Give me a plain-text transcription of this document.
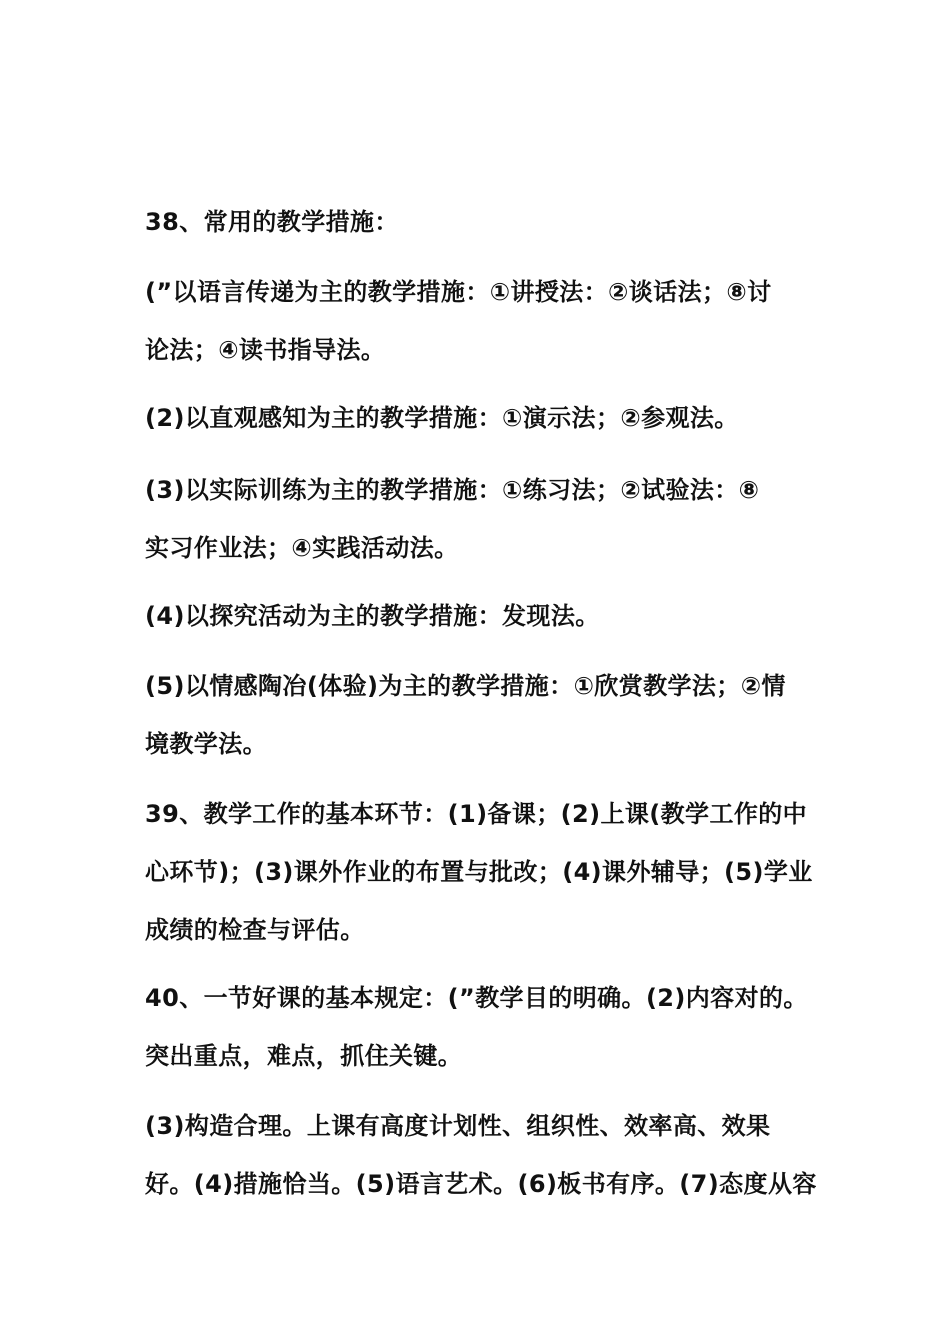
38、常用的教学措施：

(”以语言传递为主的教学措施：①讲授法：②谈话法；⑧讨

论法；④读书指导法。

(2)以直观感知为主的教学措施：①演示法；②参观法。

(3)以实际训练为主的教学措施：①练习法；②试验法：⑧

实习作业法；④实践活动法。

(4)以探究活动为主的教学措施：发现法。

(5)以情感陶冶(体验)为主的教学措施：①欣赏教学法；②情

境教学法。

39、教学工作的基本环节：(1)备课；(2)上课(教学工作的中

心环节)；(3)课外作业的布置与批改；(4)课外辅导；(5)学业

成绩的检查与评估。

40、一节好课的基本规定：(”教学目的明确。(2)内容对的。

突出重点，难点，抓住关键。

(3)构造合理。上课有高度计划性、组织性、效率高、效果

好。(4)措施恰当。(5)语言艺术。(6)板书有序。(7)态度从容
